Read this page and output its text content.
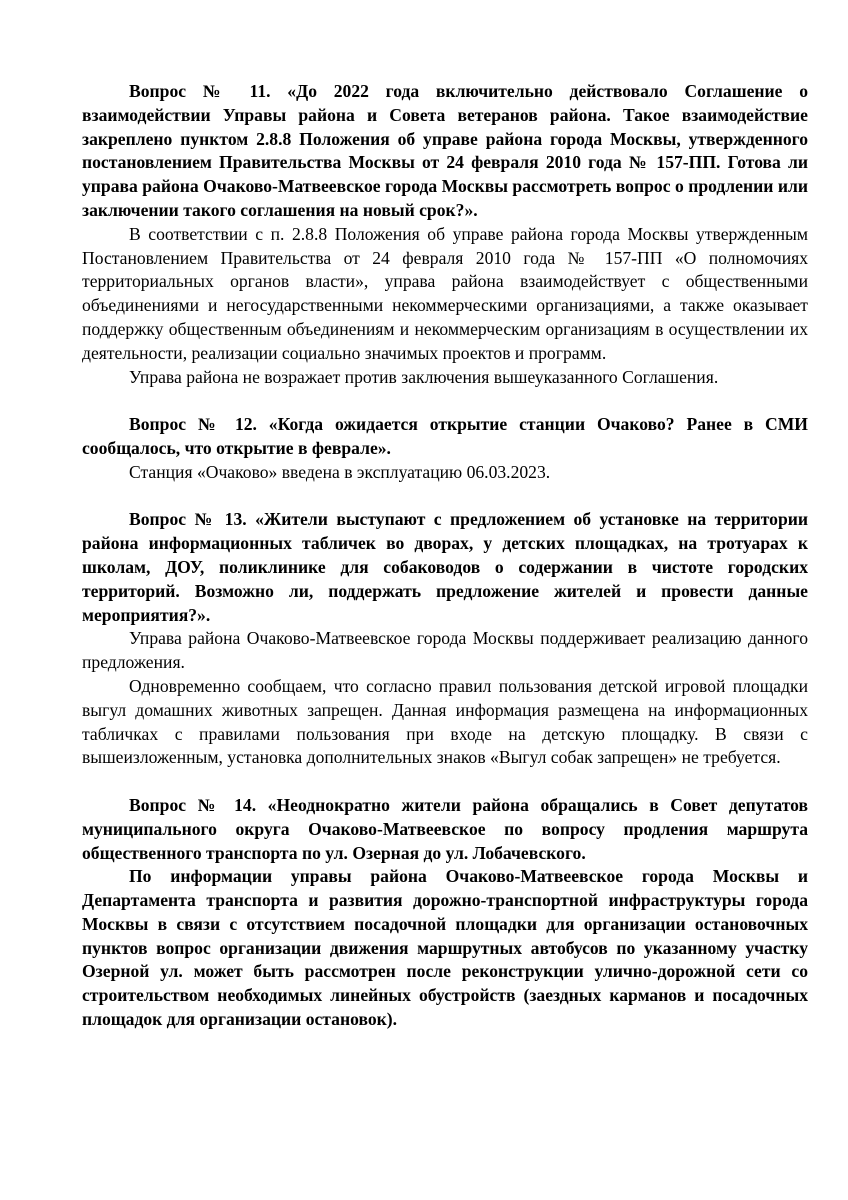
Вопрос № 11. «До 2022 года включительно действовало Соглашение о взаимодействии Управы района и Совета ветеранов района. Такое взаимодействие закреплено пунктом 2.8.8 Положения об управе района города Москвы, утвержденного постановлением Правительства Москвы от 24 февраля 2010 года № 157-ПП. Готова ли управа района Очаково-Матвеевское города Москвы рассмотреть вопрос о продлении или заключении такого соглашения на новый срок?».

В соответствии с п. 2.8.8 Положения об управе района города Москвы утвержденным Постановлением Правительства от 24 февраля 2010 года № 157-ПП «О полномочиях территориальных органов власти», управа района взаимодействует с общественными объединениями и негосударственными некоммерческими организациями, а также оказывает поддержку общественным объединениям и некоммерческим организациям в осуществлении их деятельности, реализации социально значимых проектов и программ.

Управа района не возражает против заключения вышеуказанного Соглашения.

Вопрос № 12. «Когда ожидается открытие станции Очаково? Ранее в СМИ сообщалось, что открытие в феврале».

Станция «Очаково» введена в эксплуатацию 06.03.2023.

Вопрос № 13. «Жители выступают с предложением об установке на территории района информационных табличек во дворах, у детских площадках, на тротуарах к школам, ДОУ, поликлинике для собаководов о содержании в чистоте городских территорий. Возможно ли, поддержать предложение жителей и провести данные мероприятия?».

Управа района Очаково-Матвеевское города Москвы поддерживает реализацию данного предложения.

Одновременно сообщаем, что согласно правил пользования детской игровой площадки выгул домашних животных запрещен. Данная информация размещена на информационных табличках с правилами пользования при входе на детскую площадку. В связи с вышеизложенным, установка дополнительных знаков «Выгул собак запрещен» не требуется.

Вопрос № 14. «Неоднократно жители района обращались в Совет депутатов муниципального округа Очаково-Матвеевское по вопросу продления маршрута общественного транспорта по ул. Озерная до ул. Лобачевского.

По информации управы района Очаково-Матвеевское города Москвы и Департамента транспорта и развития дорожно-транспортной инфраструктуры города Москвы в связи с отсутствием посадочной площадки для организации остановочных пунктов вопрос организации движения маршрутных автобусов по указанному участку Озерной ул. может быть рассмотрен после реконструкции улично-дорожной сети со строительством необходимых линейных обустройств (заездных карманов и посадочных площадок для организации остановок).
